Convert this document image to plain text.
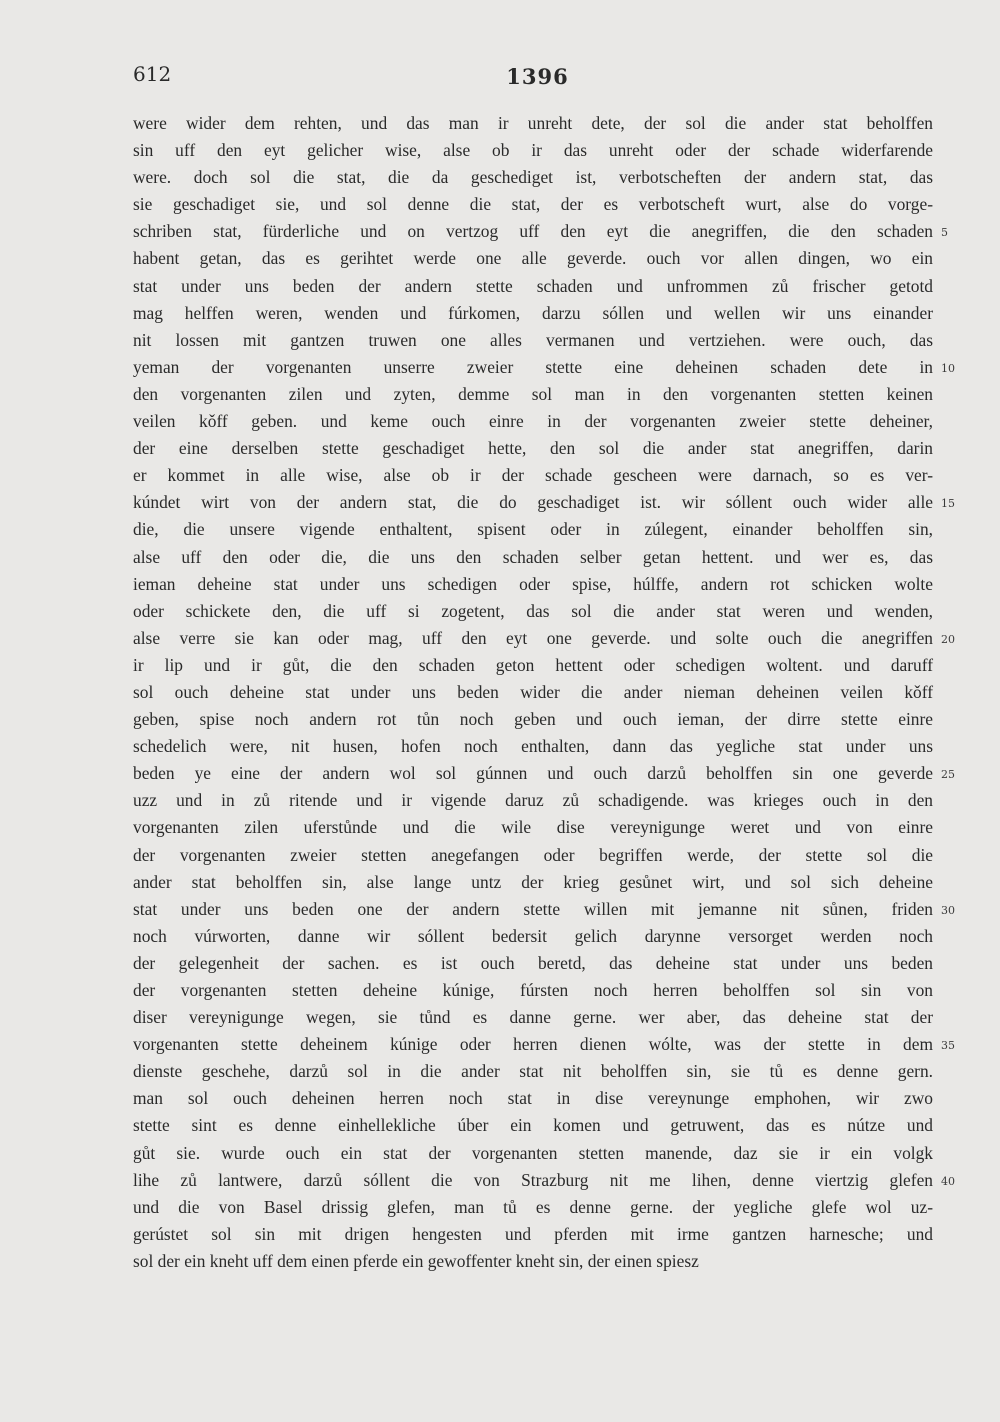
612	1396
were wider dem rehten, und das man ir unreht dete, der sol die ander stat beholffen
sin uff den eyt gelicher wise, alse ob ir das unreht oder der schade widerfarende
were. doch sol die stat, die da geschediget ist, verbotscheften der andern stat, das
sie geschadiget sie, und sol denne die stat, der es verbotscheft wurt, alse do vorge-
schriben stat, fürderliche und on vertzog uff den eyt die anegriffen, die den schaden
habent getan, das es gerihtet werde one alle geverde. ouch vor allen dingen, wo ein
stat under uns beden der andern stette schaden und unfrommen zů frischer getotd
mag helffen weren, wenden und fúrkomen, darzu sóllen und wellen wir uns einander
nit lossen mit gantzen truwen one alles vermanen und vertziehen. were ouch, das
yeman der vorgenanten unserre zweier stette eine deheinen schaden dete in
den vorgenanten zilen und zyten, demme sol man in den vorgenanten stetten keinen
veilen kǒff geben. und keme ouch einre in der vorgenanten zweier stette deheiner,
der eine derselben stette geschadiget hette, den sol die ander stat anegriffen, darin
er kommet in alle wise, alse ob ir der schade gescheen were darnach, so es ver-
kúndet wirt von der andern stat, die do geschadiget ist. wir sóllent ouch wider alle
die, die unsere vigende enthaltent, spisent oder in zúlegent, einander beholffen sin,
alse uff den oder die, die uns den schaden selber getan hettent. und wer es, das
ieman deheine stat under uns schedigen oder spise, húlffe, andern rot schicken wolte
oder schickete den, die uff si zogetent, das sol die ander stat weren und wenden,
alse verre sie kan oder mag, uff den eyt one geverde. und solte ouch die anegriffen
ir lip und ir gůt, die den schaden geton hettent oder schedigen woltent. und daruff
sol ouch deheine stat under uns beden wider die ander nieman deheinen veilen kǒff
geben, spise noch andern rot tůn noch geben und ouch ieman, der dirre stette einre
schedelich were, nit husen, hofen noch enthalten, dann das yegliche stat under uns
beden ye eine der andern wol sol gúnnen und ouch darzů beholffen sin one geverde
uzz und in zů ritende und ir vigende daruz zů schadigende. was krieges ouch in den
vorgenanten zilen uferstůnde und die wile dise vereynigunge weret und von einre
der vorgenanten zweier stetten anegefangen oder begriffen werde, der stette sol die
ander stat beholffen sin, alse lange untz der krieg gesůnet wirt, und sol sich deheine
stat under uns beden one der andern stette willen mit jemanne nit sůnen, friden
noch vúrworten, danne wir sóllent bedersit gelich darynne versorget werden noch
der gelegenheit der sachen. es ist ouch beretd, das deheine stat under uns beden
der vorgenanten stetten deheine kúnige, fúrsten noch herren beholffen sol sin von
diser vereynigunge wegen, sie tůnd es danne gerne. wer aber, das deheine stat der
vorgenanten stette deheinem kúnige oder herren dienen wólte, was der stette in dem
dienste geschehe, darzů sol in die ander stat nit beholffen sin, sie tů es denne gern.
man sol ouch deheinen herren noch stat in dise vereynunge emphohen, wir zwo
stette sint es denne einhellekliche úber ein komen und getruwent, das es nútze und
gůt sie. wurde ouch ein stat der vorgenanten stetten manende, daz sie ir ein volgk
lihe zů lantwere, darzů sóllent die von Strazburg nit me lihen, denne viertzig glefen
und die von Basel drissig glefen, man tů es denne gerne. der yegliche glefe wol uz-
gerústet sol sin mit drigen hengesten und pferden mit irme gantzen harnesche; und
sol der ein kneht uff dem einen pferde ein gewoffenter kneht sin, der einen spiesz
5
10
15
20
25
30
35
40
